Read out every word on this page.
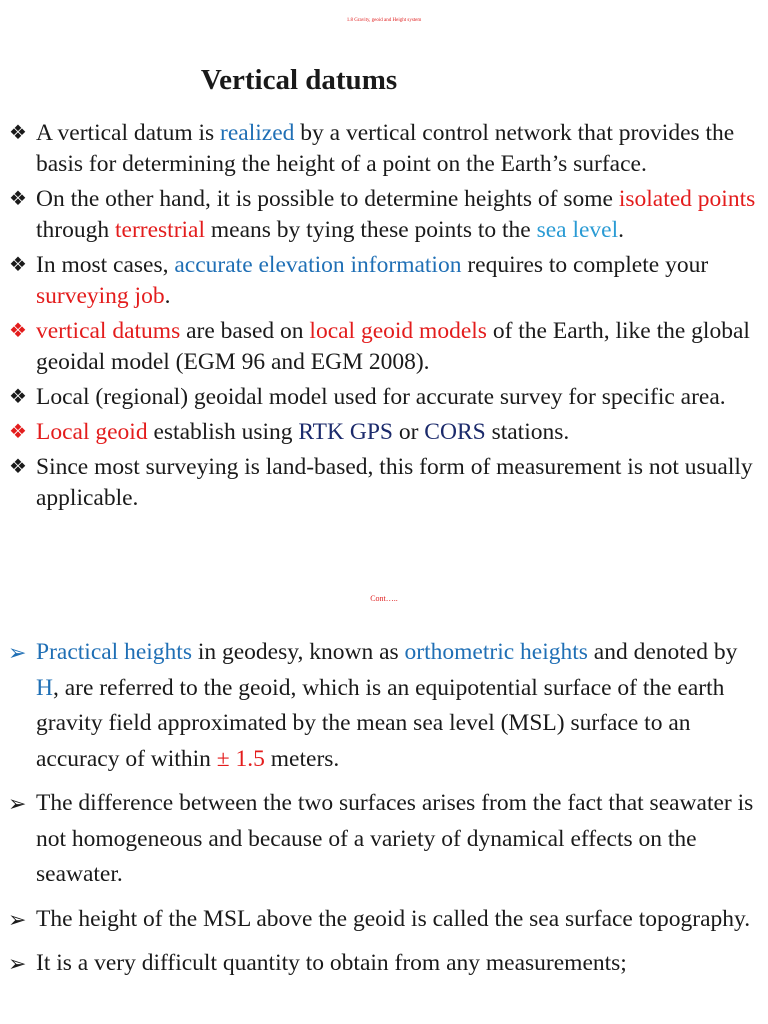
1.8 Gravity, geoid and Height system
Vertical datums
❖ A vertical datum is realized by a vertical control network that provides the basis for determining the height of a point on the Earth’s surface.
❖ On the other hand, it is possible to determine heights of some isolated points through terrestrial means by tying these points to the sea level.
❖ In most cases, accurate elevation information requires to complete your surveying job.
❖ vertical datums are based on local geoid models of the Earth, like the global geoidal model (EGM 96 and EGM 2008).
❖ Local (regional) geoidal model used for accurate survey for specific area.
❖ Local geoid establish using RTK GPS or CORS stations.
❖ Since most surveying is land-based, this form of measurement is not usually applicable.
Cont…..
➢ Practical heights in geodesy, known as orthometric heights and denoted by H, are referred to the geoid, which is an equipotential surface of the earth gravity field approximated by the mean sea level (MSL) surface to an accuracy of within ± 1.5 meters.
➢ The difference between the two surfaces arises from the fact that seawater is not homogeneous and because of a variety of dynamical effects on the seawater.
➢ The height of the MSL above the geoid is called the sea surface topography.
➢ It is a very difficult quantity to obtain from any measurements;
